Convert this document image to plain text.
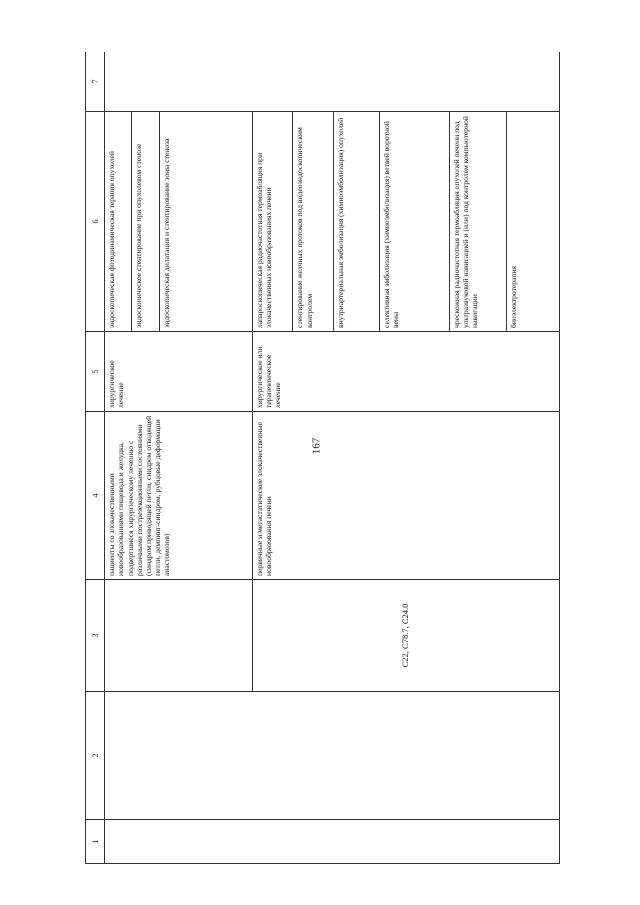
167
1	2	3	4	5	6	7
			пациенты со злокачественными новообразованиями пищевода и желудка, подвергшиеся хирургическому лечению с различными пострезекционными состояниями (синдром приводящей петли, синдром отводящей петли, демпинг-синдром, рубцовые деформации анастомозов)	хирургическое лечение	эндоскопическая фотодинамическая терапия опухолей	
					эндоскопическое стентирование при опухолевом стенозе	
					эндоскопическая дилатация и стентирование зоны стеноза	
		C22, C78.7, C24.0	первичные и метастатические злокачественные новообразования печени	хирургическое или терапевтическое лечение	лапароскопическая радиочастотная термоабляция при злокачественных новообразованиях печени	
					стентирование желчных протоков под видеоэндоскопическим контролем	
					внутриартериальная эмболизация (химиоэмболизация) опухолей	
					селективная эмболизация (химиоэмболизация) ветвей воротной вены	
					чрескожная радиочастотная термоабляция опухолей печени под ультразвуковой навигацией и (или) под контролем компьютерной навигации	
					биоэлектротерапия	
